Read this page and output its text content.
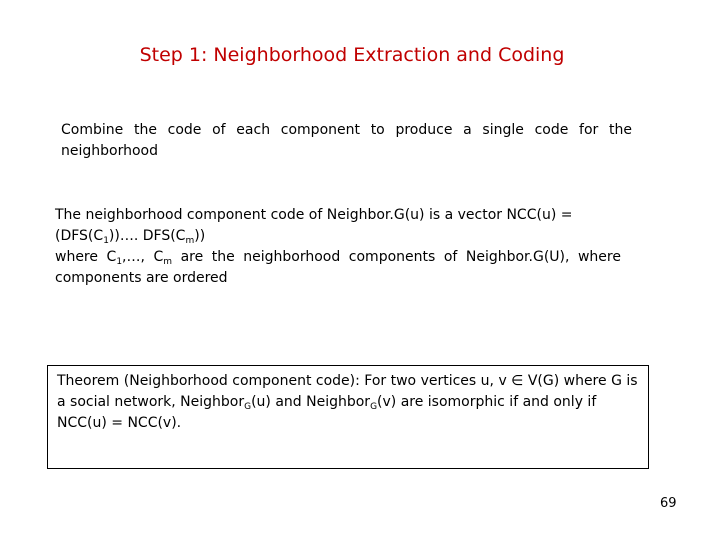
Step 1: Neighborhood Extraction and Coding
Combine the code of each component to produce a single code for the neighborhood
The neighborhood component code of Neighbor.G(u) is a vector NCC(u) =
$(DFS(C_1))\dots$. $DFS(C_m)$)
where $C_1,\dots$, $C_m$ are the neighborhood components of Neighbor.G(U), where components are ordered
Theorem (Neighborhood component code): For two vertices u, v ∈ V(G) where G is a social network, Neighbor$_G$(u) and Neighbor$_G$(v) are isomorphic if and only if NCC(u) = NCC(v).
69
